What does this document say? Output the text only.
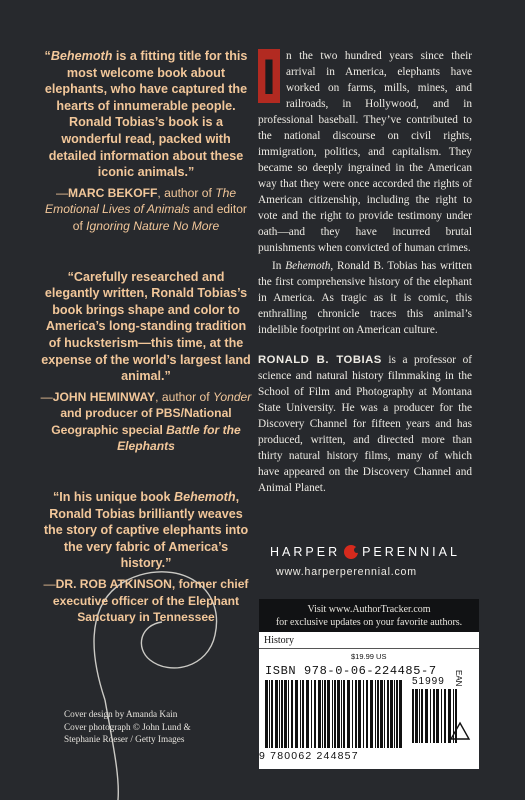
“Behemoth is a fitting title for this most welcome book about elephants, who have captured the hearts of innumerable people. Ronald Tobias’s book is a wonderful read, packed with detailed information about these iconic animals.”

—MARC BEKOFF, author of The Emotional Lives of Animals and editor of Ignoring Nature No More

“Carefully researched and elegantly written, Ronald Tobias’s book brings shape and color to America’s long-standing tradition of hucksterism—this time, at the expense of the world’s largest land animal.”

—JOHN HEMINWAY, author of Yonder and producer of PBS/National Geographic special Battle for the Elephants

“In his unique book Behemoth, Ronald Tobias brilliantly weaves the story of captive elephants into the very fabric of America’s history.”

—DR. ROB ATKINSON, former chief executive officer of the Elephant Sanctuary in Tennessee

Cover design by Amanda Kain
Cover photograph © John Lund &
Stephanie Roeser / Getty Images

I n the two hundred years since their arrival in America, elephants have worked on farms, mills, mines, and railroads, in Hollywood, and in professional baseball. They’ve contributed to the national discourse on civil rights, immigration, politics, and capitalism. They became so deeply ingrained in the American way that they were once accorded the rights of American citizenship, including the right to vote and the right to provide testimony under oath—and they have incurred brutal punishments when convicted of human crimes.

In Behemoth, Ronald B. Tobias has written the first comprehensive history of the elephant in America. As tragic as it is comic, this enthralling chronicle traces this animal’s indelible footprint on American culture.

RONALD B. TOBIAS is a professor of science and natural history filmmaking in the School of Film and Photography at Montana State University. He was a producer for the Discovery Channel for fifteen years and has produced, written, and directed more than thirty natural history films, many of which have appeared on the Discovery Channel and Animal Planet.

HARPER PERENNIAL
www.harperperennial.com
Visit www.AuthorTracker.com
for exclusive updates on your favorite authors.
History
$19.99 US
ISBN 978-0-06-224485-7 EAN
9 780062 244857
51999
